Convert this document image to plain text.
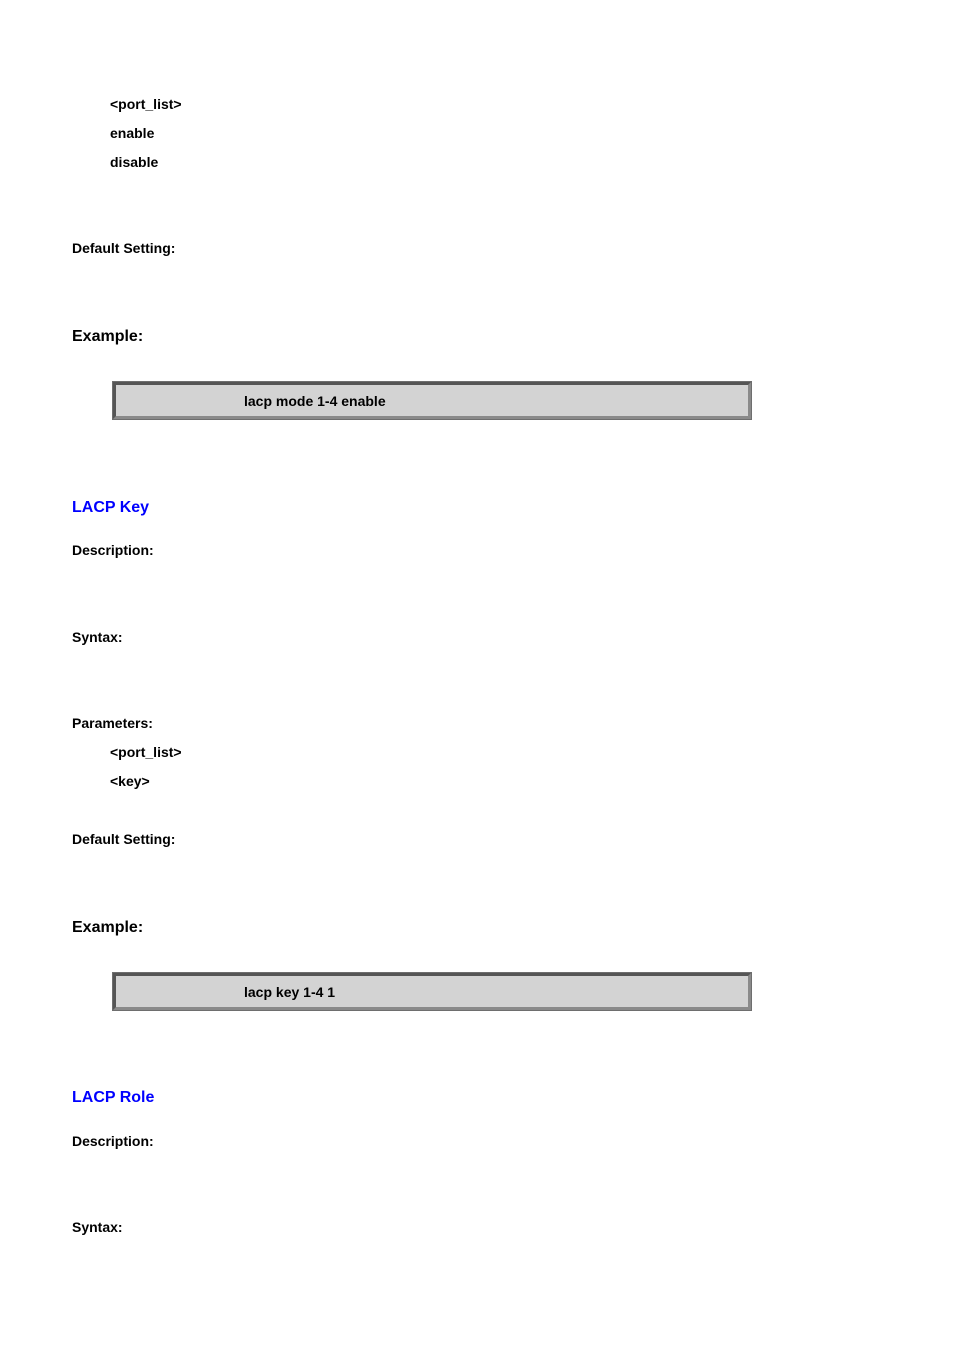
<port_list>
enable
disable
Default Setting:
Example:
lacp mode 1-4 enable
LACP Key
Description:
Syntax:
Parameters:
<port_list>
<key>
Default Setting:
Example:
lacp key 1-4 1
LACP Role
Description:
Syntax:
